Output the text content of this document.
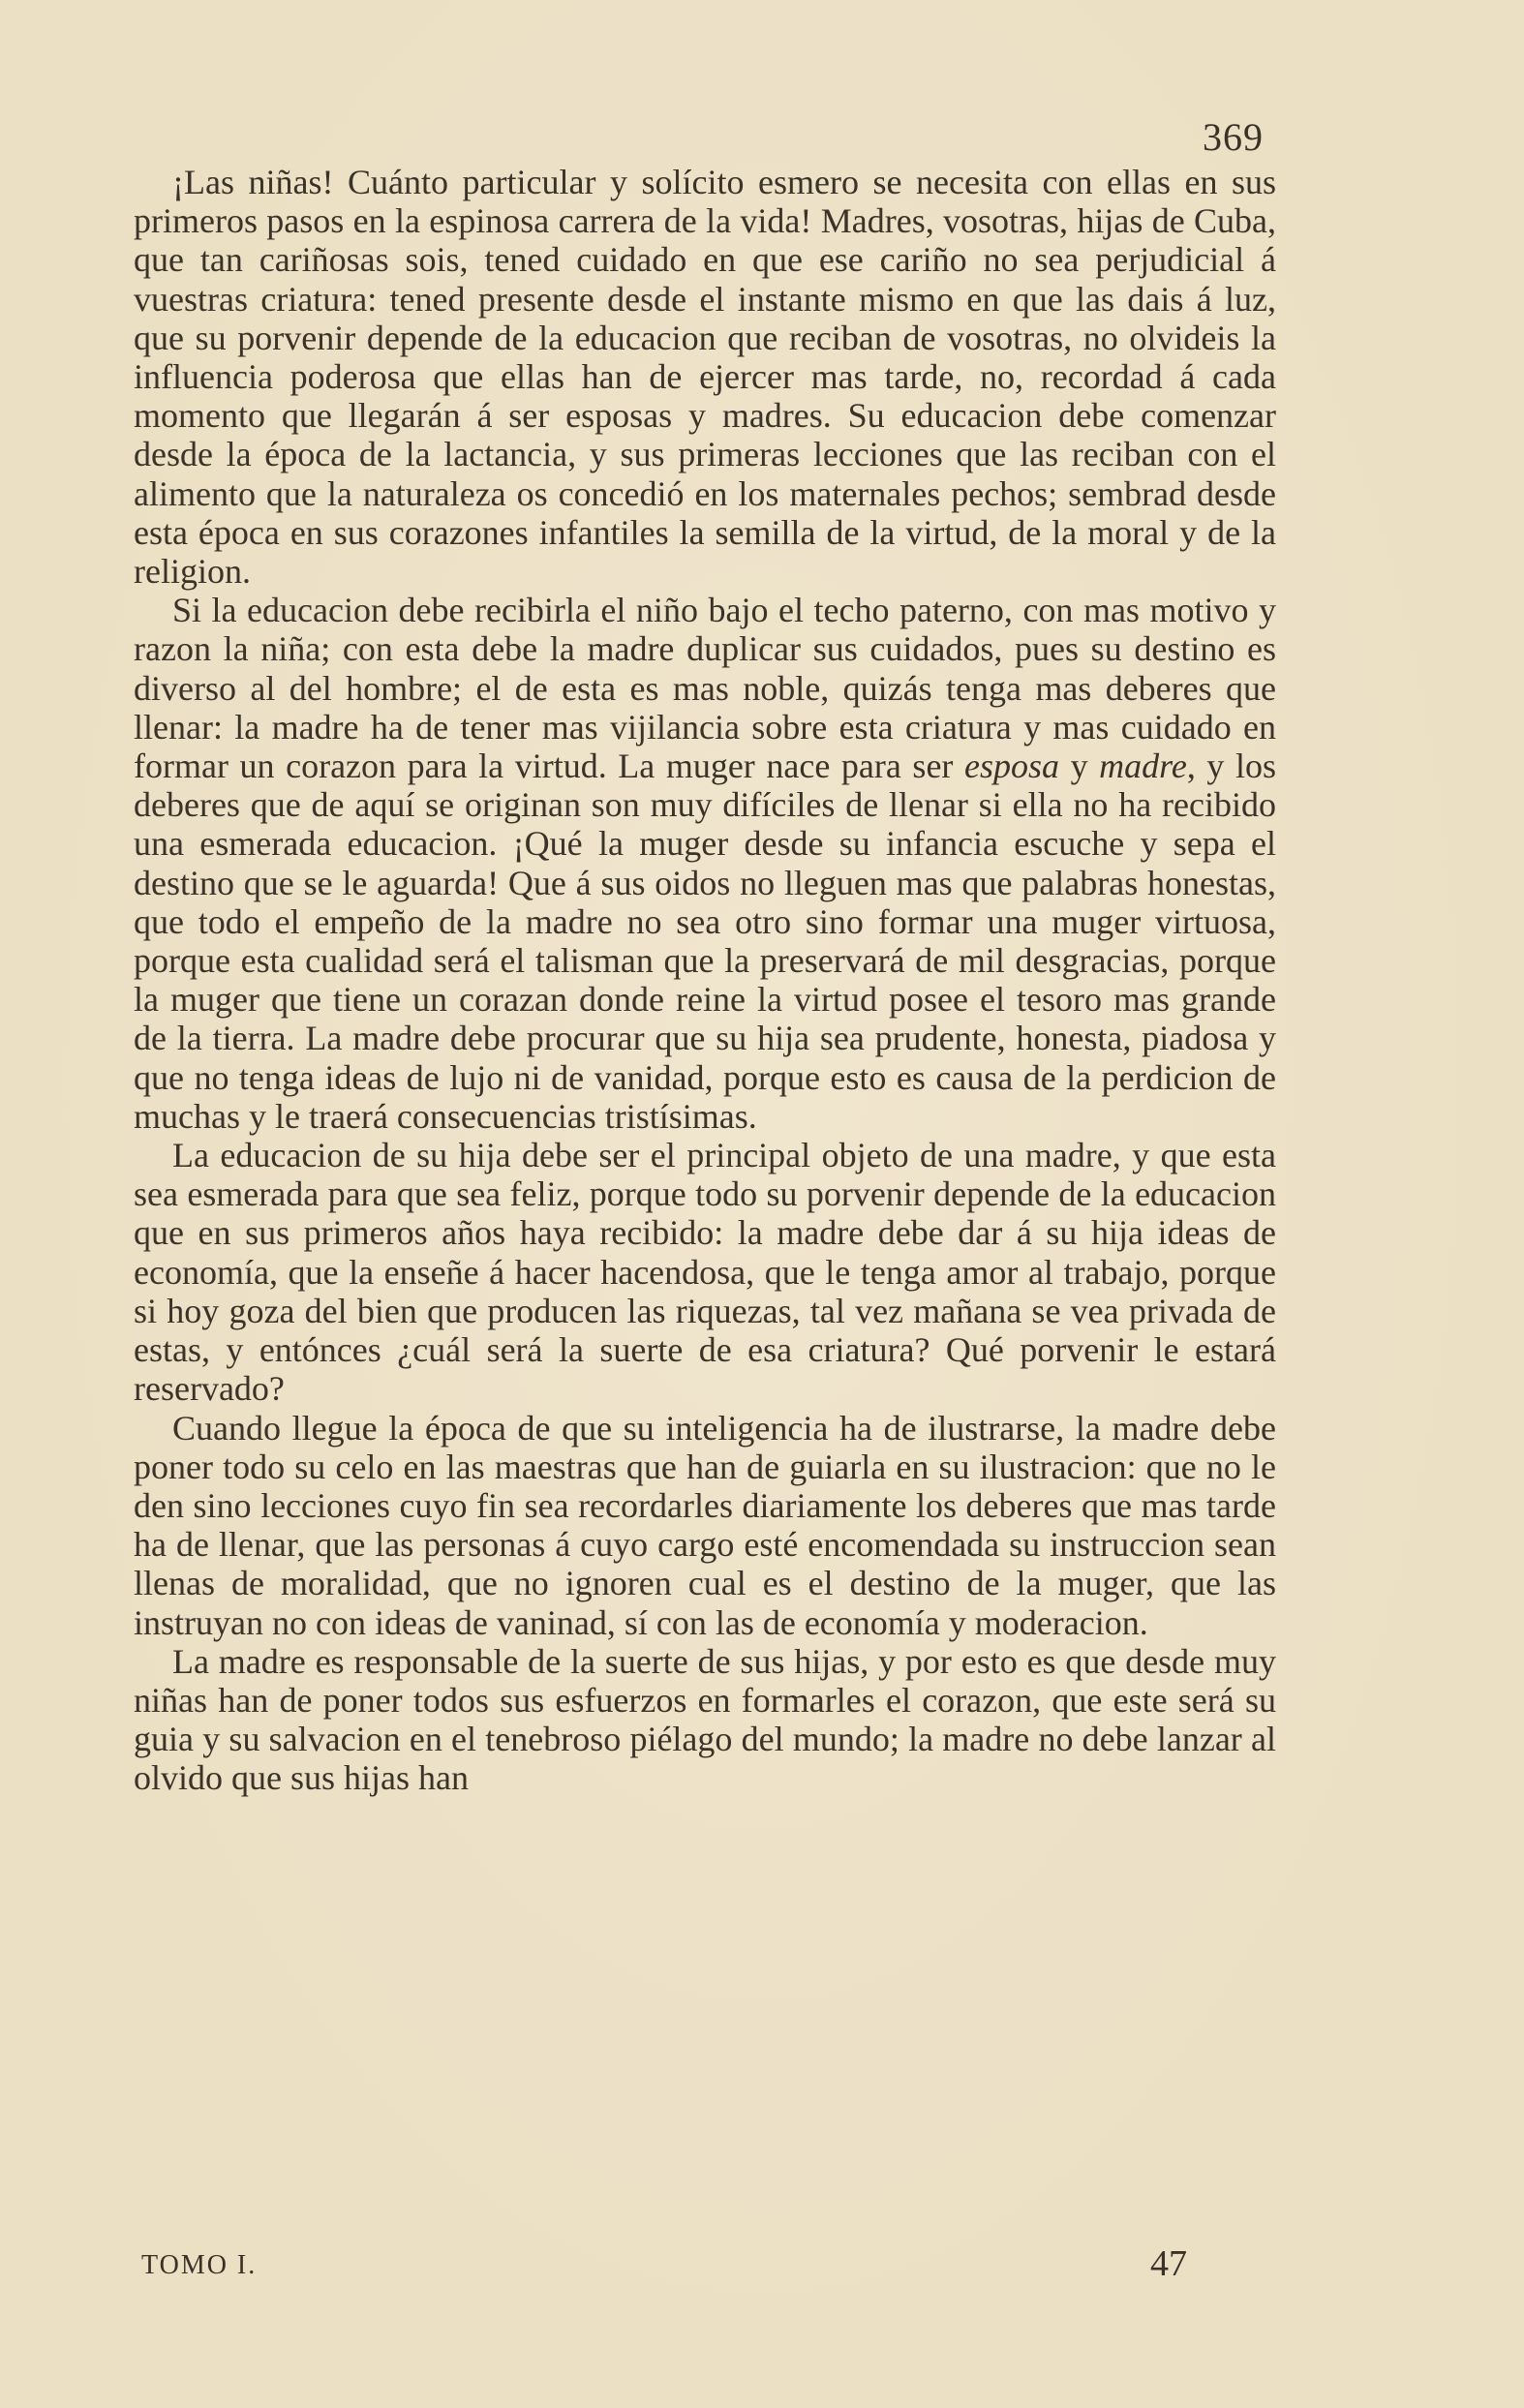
369

¡Las niñas! Cuánto particular y solícito esmero se necesita con ellas en sus primeros pasos en la espinosa carrera de la vida! Madres, vosotras, hijas de Cuba, que tan cariñosas sois, tened cuidado en que ese cariño no sea perjudicial á vuestras criatura: tened presente desde el instante mismo en que las dais á luz, que su porvenir depende de la educacion que reciban de vosotras, no olvideis la influencia poderosa que ellas han de ejercer mas tarde, no, recordad á cada momento que llegarán á ser esposas y madres. Su educacion debe comenzar desde la época de la lactancia, y sus primeras lecciones que las reciban con el alimento que la naturaleza os concedió en los maternales pechos; sembrad desde esta época en sus corazones infantiles la semilla de la virtud, de la moral y de la religion.

Si la educacion debe recibirla el niño bajo el techo paterno, con mas motivo y razon la niña; con esta debe la madre duplicar sus cuidados, pues su destino es diverso al del hombre; el de esta es mas noble, quizás tenga mas deberes que llenar: la madre ha de tener mas vijilancia sobre esta criatura y mas cuidado en formar un corazon para la virtud. La muger nace para ser esposa y madre, y los deberes que de aquí se originan son muy difíciles de llenar si ella no ha recibido una esmerada educacion. ¡Qué la muger desde su infancia escuche y sepa el destino que se le aguarda! Que á sus oidos no lleguen mas que palabras honestas, que todo el empeño de la madre no sea otro sino formar una muger virtuosa, porque esta cualidad será el talisman que la preservará de mil desgracias, porque la muger que tiene un corazan donde reine la virtud posee el tesoro mas grande de la tierra. La madre debe procurar que su hija sea prudente, honesta, piadosa y que no tenga ideas de lujo ni de vanidad, porque esto es causa de la perdicion de muchas y le traerá consecuencias tristísimas.

La educacion de su hija debe ser el principal objeto de una madre, y que esta sea esmerada para que sea feliz, porque todo su porvenir depende de la educacion que en sus primeros años haya recibido: la madre debe dar á su hija ideas de economía, que la enseñe á hacer hacendosa, que le tenga amor al trabajo, porque si hoy goza del bien que producen las riquezas, tal vez mañana se vea privada de estas, y entónces ¿cuál será la suerte de esa criatura? Qué porvenir le estará reservado?

Cuando llegue la época de que su inteligencia ha de ilustrarse, la madre debe poner todo su celo en las maestras que han de guiarla en su ilustracion: que no le den sino lecciones cuyo fin sea recordarles diariamente los deberes que mas tarde ha de llenar, que las personas á cuyo cargo esté encomendada su instruccion sean llenas de moralidad, que no ignoren cual es el destino de la muger, que las instruyan no con ideas de vaninad, sí con las de economía y moderacion.

La madre es responsable de la suerte de sus hijas, y por esto es que desde muy niñas han de poner todos sus esfuerzos en formarles el corazon, que este será su guia y su salvacion en el tenebroso piélago del mundo; la madre no debe lanzar al olvido que sus hijas han

TOMO I.	47
